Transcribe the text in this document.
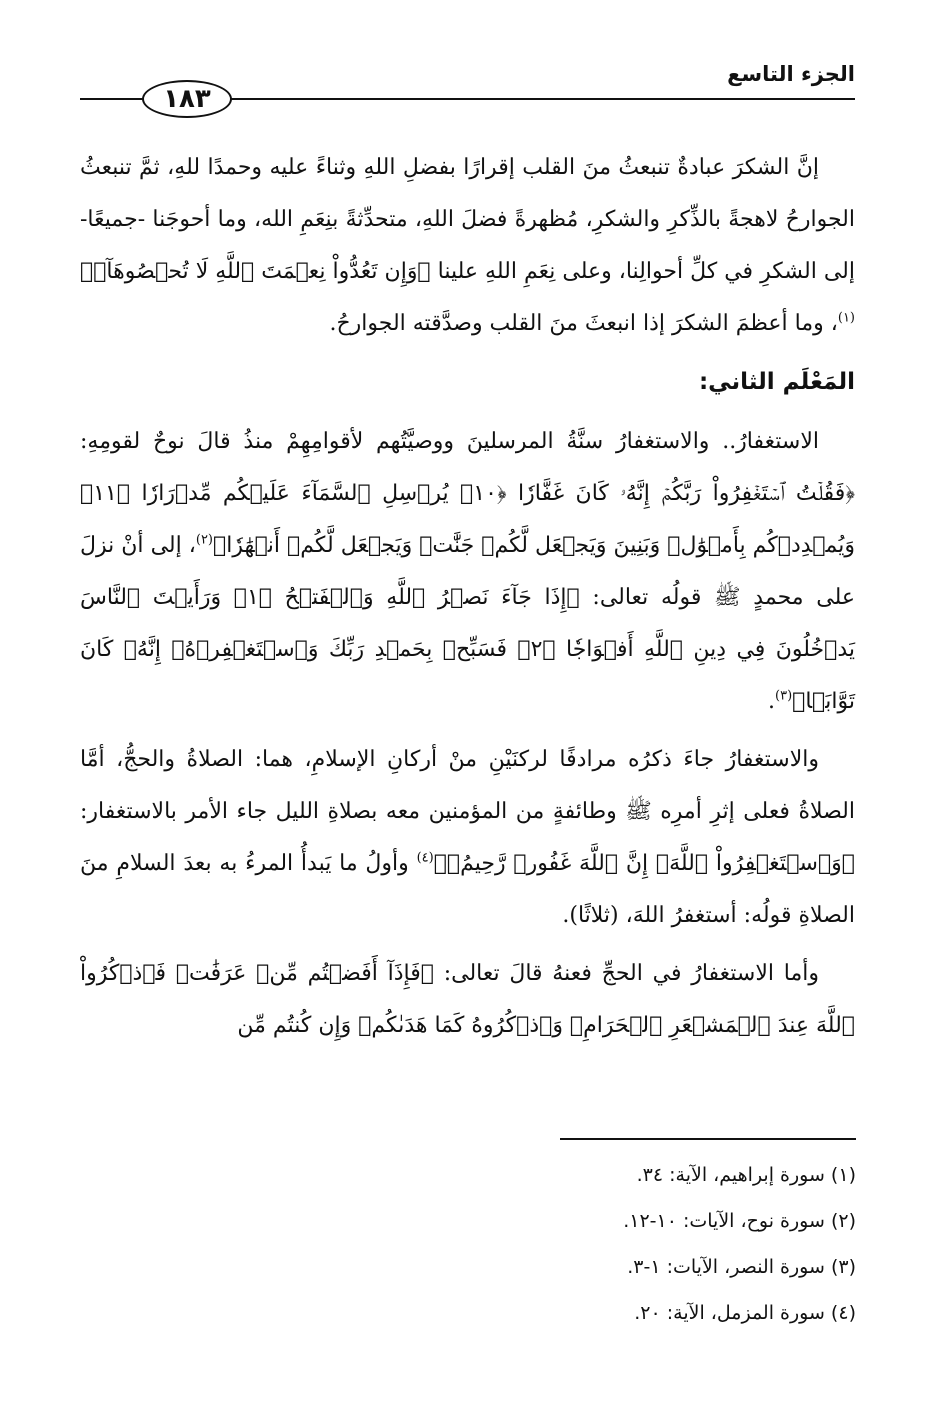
الجزء التاسع
١٨٣

إنَّ الشكرَ عبادةٌ تنبعثُ منَ القلب إقرارًا بفضلِ اللهِ وثناءً عليه وحمدًا للهِ، ثمَّ تنبعثُ الجوارحُ لاهجةً بالذِّكرِ والشكرِ، مُظهرةً فضلَ اللهِ، متحدِّثةً بنِعَمِ الله، وما أحوجَنا -جميعًا- إلى الشكرِ في كلِّ أحوالِنا، وعلى نِعَمِ اللهِ علينا ﴿وَإِن تَعُدُّواْ نِعۡمَتَ ٱللَّهِ لَا تُحۡصُوهَآۗ﴾$^{(١)}$، وما أعظمَ الشكرَ إذا انبعثَ منَ القلب وصدَّقته الجوارحُ.

المَعْلَم الثاني:

الاستغفارُ.. والاستغفارُ سنَّةُ المرسلينَ ووصيَّتُهم لأقوامِهِمْ منذُ قالَ نوحٌ لقومِهِ: ﴿فَقُلۡتُ ٱسۡتَغۡفِرُواْ رَبَّكُمۡ إِنَّهُۥ كَانَ غَفَّارٗا ﴿١٠﴾ يُرۡسِلِ ٱلسَّمَآءَ عَلَيۡكُم مِّدۡرَارٗا ﴿١١﴾ وَيُمۡدِدۡكُم بِأَمۡوَٰلٖ وَبَنِينَ وَيَجۡعَل لَّكُمۡ جَنَّٰتٖ وَيَجۡعَل لَّكُمۡ أَنۡهَٰرٗا﴾$^{(٢)}$، إلى أنْ نزلَ على محمدٍ ﷺ قولُه تعالى: ﴿إِذَا جَآءَ نَصۡرُ ٱللَّهِ وَٱلۡفَتۡحُ ﴿١﴾ وَرَأَيۡتَ ٱلنَّاسَ يَدۡخُلُونَ فِي دِينِ ٱللَّهِ أَفۡوَاجٗا ﴿٢﴾ فَسَبِّحۡ بِحَمۡدِ رَبِّكَ وَٱسۡتَغۡفِرۡهُۚ إِنَّهُۥ كَانَ تَوَّابَۢا﴾$^{(٣)}$.

والاستغفارُ جاءَ ذكرُه مرادفًا لركنَيْنِ منْ أركانِ الإسلامِ، هما: الصلاةُ والحجُّ، أمَّا الصلاةُ فعلى إثرِ أمرِه ﷺ وطائفةٍ من المؤمنين معه بصلاةِ الليل جاء الأمر بالاستغفار: ﴿وَٱسۡتَغۡفِرُواْ ٱللَّهَۖ إِنَّ ٱللَّهَ غَفُورٞ رَّحِيمُۢ﴾$^{(٤)}$ وأولُ ما يَبدأُ المرءُ به بعدَ السلامِ منَ الصلاةِ قولُه: أستغفرُ اللهَ، (ثلاثًا).

وأما الاستغفارُ في الحجِّ فعنهُ قالَ تعالى: ﴿فَإِذَآ أَفَضۡتُم مِّنۡ عَرَفَٰتٖ فَٱذۡكُرُواْ ٱللَّهَ عِندَ ٱلۡمَشۡعَرِ ٱلۡحَرَامِۖ وَٱذۡكُرُوهُ كَمَا هَدَىٰكُمۡ وَإِن كُنتُم مِّن

(١) سورة إبراهيم، الآية: ٣٤.
(٢) سورة نوح، الآيات: ١٠-١٢.
(٣) سورة النصر، الآيات: ١-٣.
(٤) سورة المزمل، الآية: ٢٠.
